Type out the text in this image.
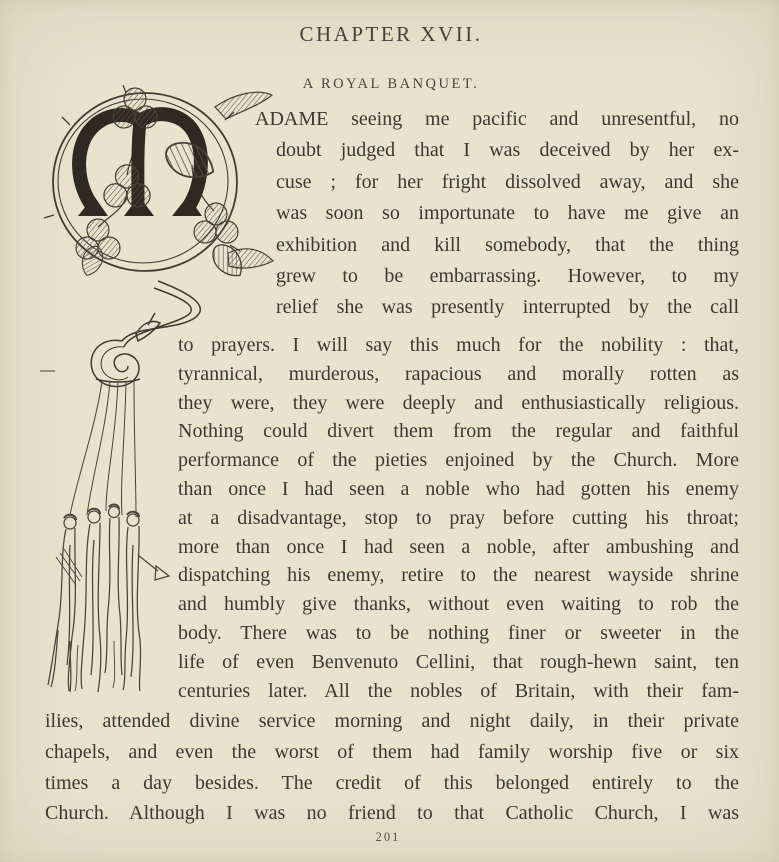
CHAPTER XVII.
A ROYAL BANQUET.
ADAME seeing me pacific and unresentful, no
doubt judged that I was deceived by her ex-
cuse ; for her fright dissolved away, and she
was soon so importunate to have me give an
exhibition and kill somebody, that the thing
grew to be embarrassing. However, to my
relief she was presently interrupted by the call
to prayers. I will say this much for the nobility : that,
tyrannical, murderous, rapacious and morally rotten as
they were, they were deeply and enthusiastically religious.
Nothing could divert them from the regular and faithful
performance of the pieties enjoined by the Church. More
than once I had seen a noble who had gotten his enemy
at a disadvantage, stop to pray before cutting his throat;
more than once I had seen a noble, after ambushing and
dispatching his enemy, retire to the nearest wayside shrine
and humbly give thanks, without even waiting to rob the
body. There was to be nothing finer or sweeter in the
life of even Benvenuto Cellini, that rough-hewn saint, ten
centuries later. All the nobles of Britain, with their fam-
ilies, attended divine service morning and night daily, in their private
chapels, and even the worst of them had family worship five or six
times a day besides. The credit of this belonged entirely to the
Church. Although I was no friend to that Catholic Church, I was
201
